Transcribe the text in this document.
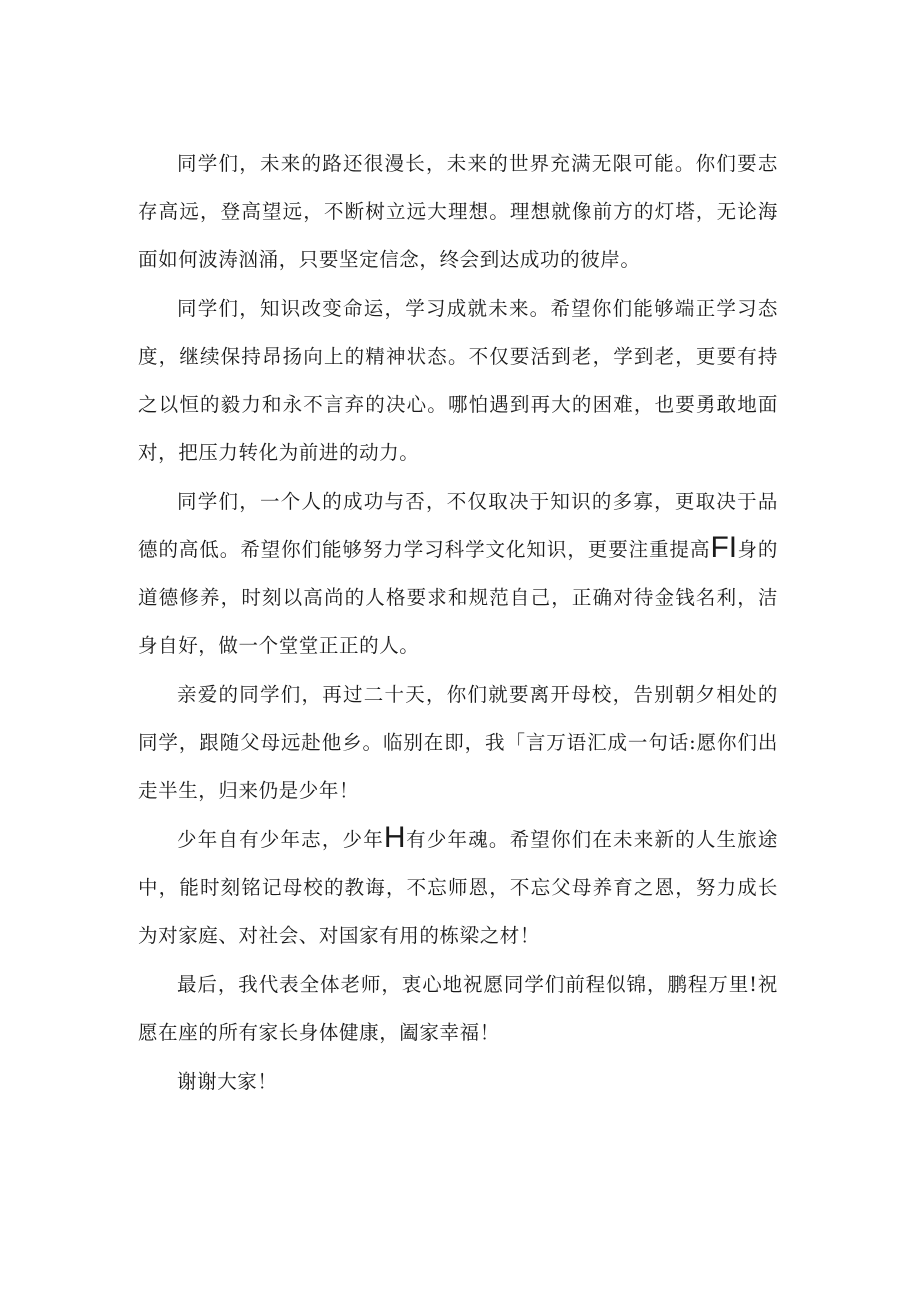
同学们，未来的路还很漫长，未来的世界充满无限可能。你们要志存高远，登高望远，不断树立远大理想。理想就像前方的灯塔，无论海面如何波涛汹涌，只要坚定信念，终会到达成功的彼岸。

同学们，知识改变命运，学习成就未来。希望你们能够端正学习态度，继续保持昂扬向上的精神状态。不仅要活到老，学到老，更要有持之以恒的毅力和永不言弃的决心。哪怕遇到再大的困难，也要勇敢地面对，把压力转化为前进的动力。

同学们，一个人的成功与否，不仅取决于知识的多寡，更取决于品德的高低。希望你们能够努力学习科学文化知识，更要注重提高FI身的道德修养，时刻以高尚的人格要求和规范自己，正确对待金钱名利，洁身自好，做一个堂堂正正的人。

亲爱的同学们，再过二十天，你们就要离开母校，告别朝夕相处的同学，跟随父母远赴他乡。临别在即，我「言万语汇成一句话:愿你们出走半生，归来仍是少年！

少年自有少年志，少年H有少年魂。希望你们在未来新的人生旅途中，能时刻铭记母校的教诲，不忘师恩，不忘父母养育之恩，努力成长为对家庭、对社会、对国家有用的栋梁之材！

最后，我代表全体老师，衷心地祝愿同学们前程似锦，鹏程万里!祝愿在座的所有家长身体健康，阖家幸福！

谢谢大家！
